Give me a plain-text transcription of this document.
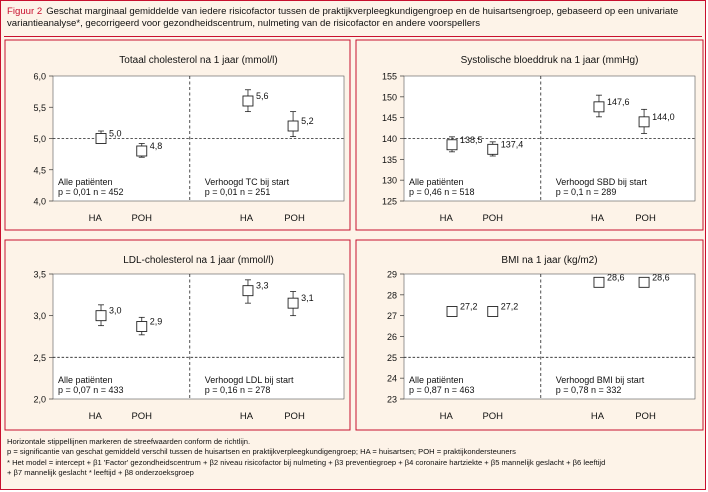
Figuur 2 Geschat marginaal gemiddelde van iedere risicofactor tussen de praktijkverpleegkundigengroep en de huisartsengroep, gebaseerd op een univariate variantieanalyse*, gecorrigeerd voor gezondheidscentrum, nulmeting van de risicofactor en andere voorspellers
Totaal cholesterol na 1 jaar (mmol/l)
4,0
4,5
5,0
5,5
6,0
5,0
4,8
5,6
5,2
Alle patiënten
p = 0,01 n = 452
Verhoogd TC bij start
p = 0,01 n = 251
HA	POH	HA	POH
Systolische bloeddruk na 1 jaar (mmHg)
125
130
135
140
145
150
155
138,5 137,4
147,6
144,0
Alle patiënten
p = 0,46 n = 518
Verhoogd SBD bij start
p = 0,1 n = 289
HA	POH	HA	POH
LDL-cholesterol na 1 jaar (mmol/l)
2,0
2,5
3,0
3,5
3,0
2,9
3,3
3,1
Alle patiënten
p = 0,07 n = 433
Verhoogd LDL bij start
p = 0,16 n = 278
HA	POH	HA	POH
BMI na 1 jaar (kg/m2)
23
24
25
26
27
28
29
27,2	27,2
28,6	28,6
Alle patiënten
p = 0,87 n = 463
Verhoogd BMI bij start
p = 0,78 n = 332
HA	POH	HA	POH
Horizontale stippellijnen markeren de streefwaarden conform de richtlijn.
p = significantie van geschat gemiddeld verschil tussen de huisartsen en praktijkverpleegkundigengroep; HA = huisartsen; POH = praktijkondersteuners
* Het model = intercept + β1 'Factor' gezondheidscentrum + β2 niveau risicofactor bij nulmeting + β3 preventiegroep + β4 coronaire hartziekte + β5 mannelijk geslacht + β6 leeftijd
+ β7 mannelijk geslacht * leeftijd + β8 onderzoeksgroep
